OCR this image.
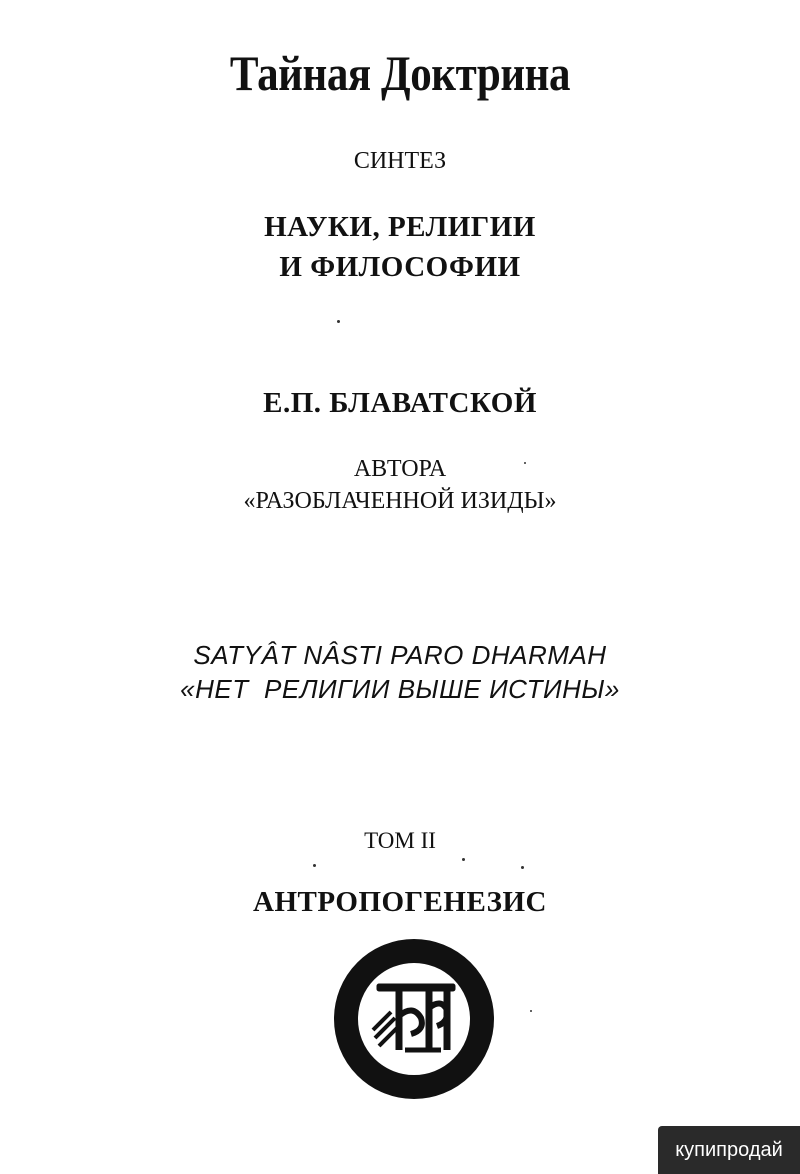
Тайная Доктрина
СИНТЕЗ
НАУКИ, РЕЛИГИИ
И ФИЛОСОФИИ
Е.П. БЛАВАТСКОЙ
АВТОРА
«РАЗОБЛАЧЕННОЙ ИЗИДЫ»
SATYÂT NÂSTI PARO DHARMAH
«НЕТ  РЕЛИГИИ ВЫШЕ ИСТИНЫ»
ТОМ II
АНТРОПОГЕНЕЗИС
купипродай
